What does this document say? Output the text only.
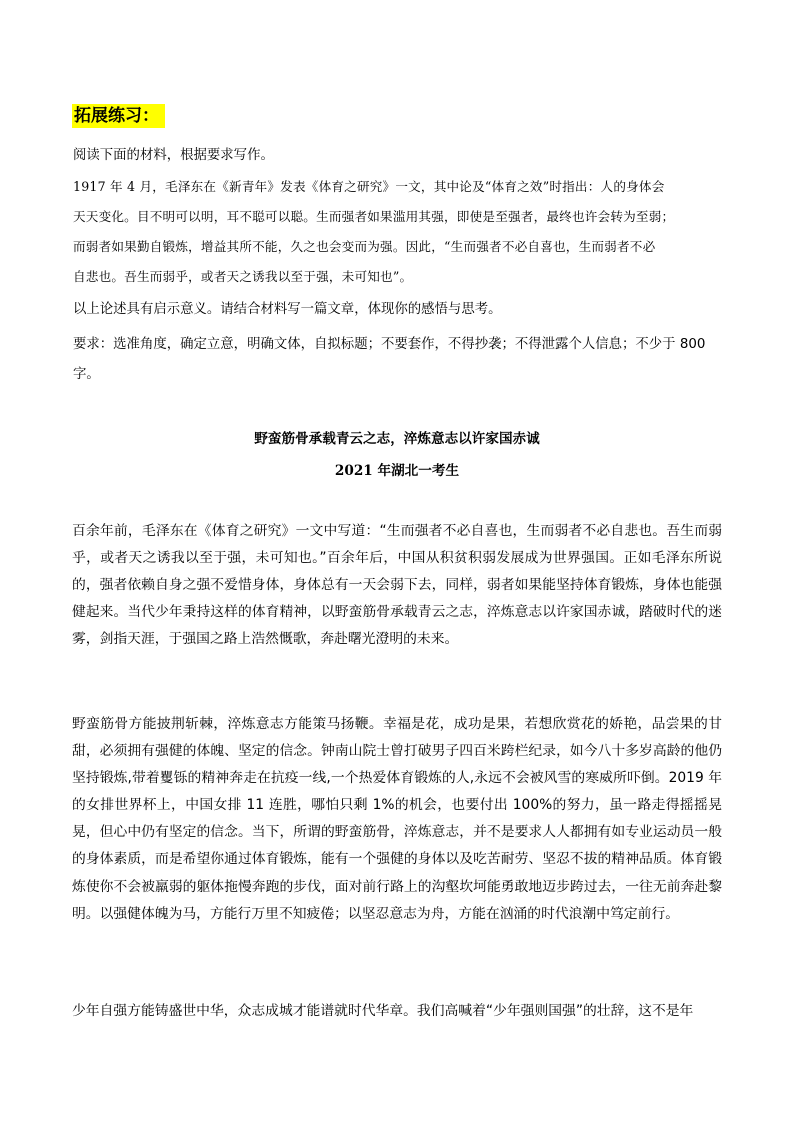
拓展练习：
阅读下面的材料，根据要求写作。
1917 年 4 月，毛泽东在《新青年》发表《体育之研究》一文，其中论及“体育之效”时指出：人的身体会
天天变化。目不明可以明，耳不聪可以聪。生而强者如果滥用其强，即使是至强者，最终也许会转为至弱；
而弱者如果勤自锻炼，增益其所不能，久之也会变而为强。因此，“生而强者不必自喜也，生而弱者不必
自悲也。吾生而弱乎，或者天之诱我以至于强，未可知也”。
以上论述具有启示意义。请结合材料写一篇文章，体现你的感悟与思考。
要求：选准角度，确定立意，明确文体，自拟标题；不要套作，不得抄袭；不得泄露个人信息；不少于 800
字。
野蛮筋骨承载青云之志，淬炼意志以许家国赤诚
2021 年湖北一考生

百余年前，毛泽东在《体育之研究》一文中写道：“生而强者不必自喜也，生而弱者不必自悲也。吾生而弱乎，或者天之诱我以至于强，未可知也。”百余年后，中国从积贫积弱发展成为世界强国。正如毛泽东所说的，强者依赖自身之强不爱惜身体，身体总有一天会弱下去，同样，弱者如果能坚持体育锻炼，身体也能强健起来。当代少年秉持这样的体育精神，以野蛮筋骨承载青云之志，淬炼意志以许家国赤诚，踏破时代的迷雾，剑指天涯，于强国之路上浩然慨歌，奔赴曙光澄明的未来。

野蛮筋骨方能披荆斩棘，淬炼意志方能策马扬鞭。幸福是花，成功是果，若想欣赏花的娇艳，品尝果的甘甜，必须拥有强健的体魄、坚定的信念。钟南山院士曾打破男子四百米跨栏纪录，如今八十多岁高龄的他仍坚持锻炼,带着矍铄的精神奔走在抗疫一线,一个热爱体育锻炼的人,永远不会被风雪的寒威所吓倒。2019 年的女排世界杯上，中国女排 11 连胜，哪怕只剩 1%的机会，也要付出 100%的努力，虽一路走得摇摇晃晃，但心中仍有坚定的信念。当下，所谓的野蛮筋骨，淬炼意志，并不是要求人人都拥有如专业运动员一般的身体素质，而是希望你通过体育锻炼，能有一个强健的身体以及吃苦耐劳、坚忍不拔的精神品质。体育锻炼使你不会被羸弱的躯体拖慢奔跑的步伐，面对前行路上的沟壑坎坷能勇敢地迈步跨过去，一往无前奔赴黎明。以强健体魄为马，方能行万里不知疲倦；以坚忍意志为舟，方能在汹涌的时代浪潮中笃定前行。

少年自强方能铸盛世中华，众志成城才能谱就时代华章。我们高喊着“少年强则国强”的壮辞，这不是年
